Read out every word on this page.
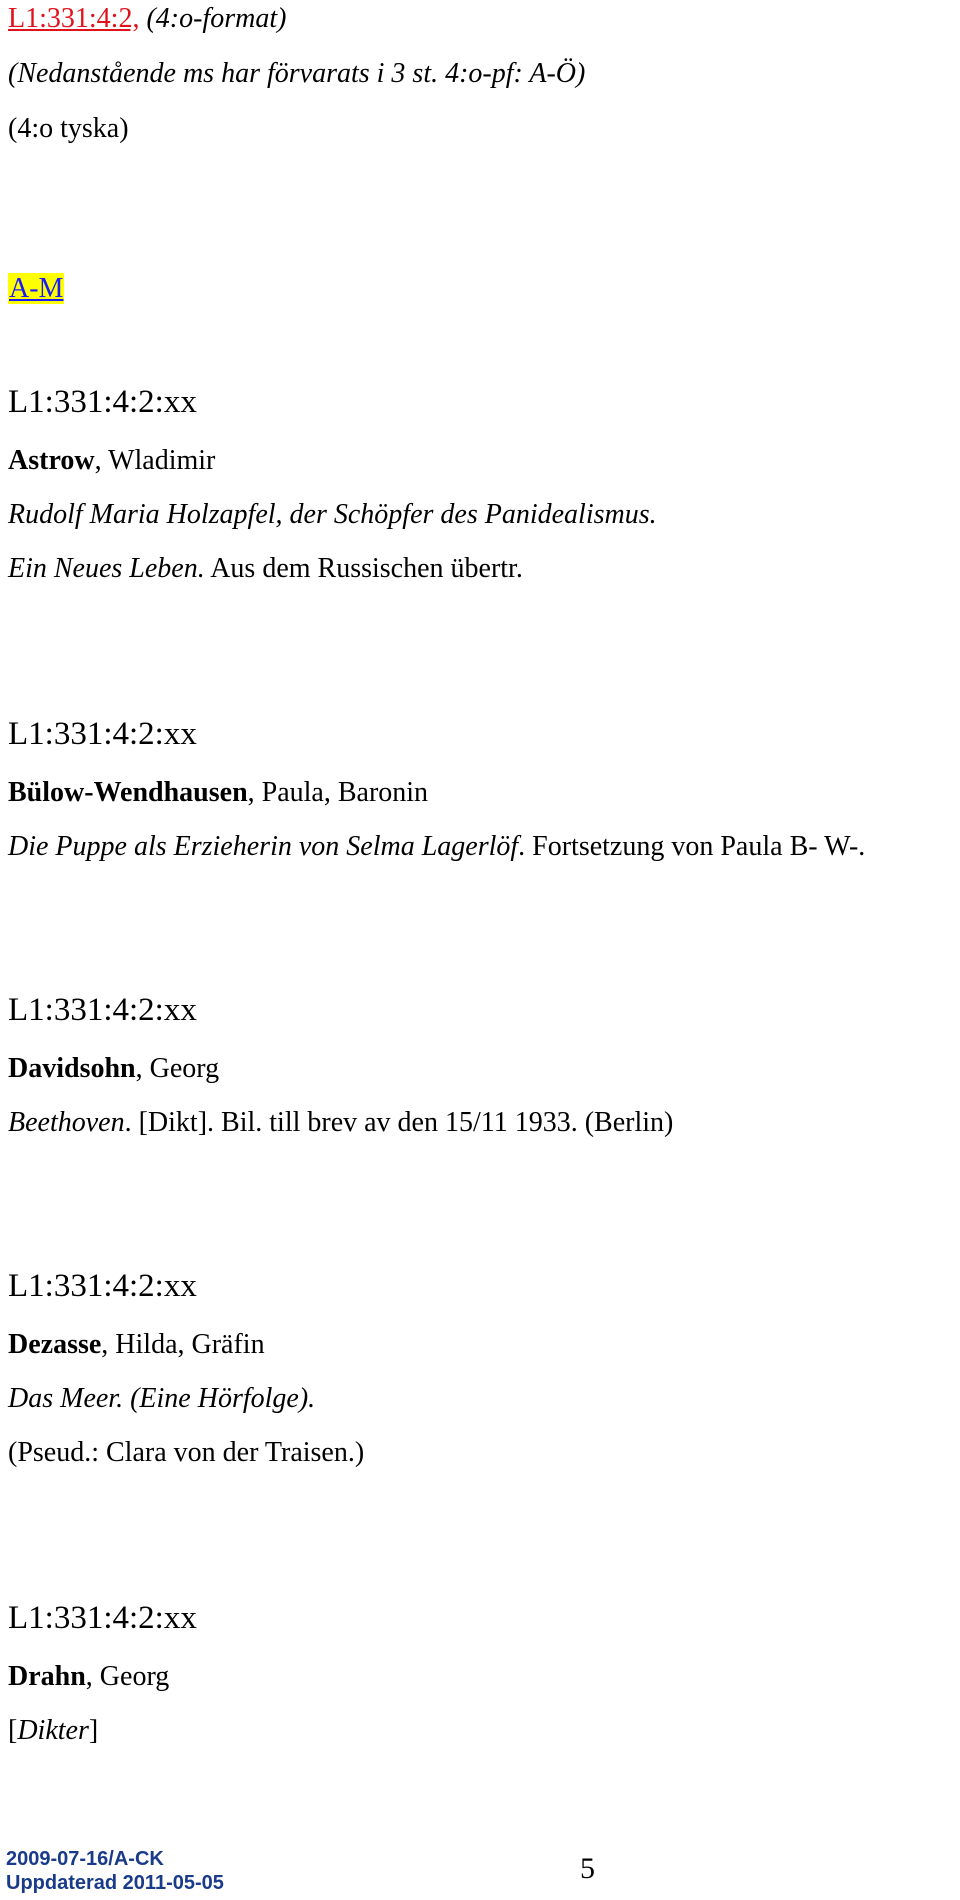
L1:331:4:2, (4:o-format)
(Nedanstående ms har förvarats i 3 st. 4:o-pf: A-Ö)
(4:o tyska)
A-M
L1:331:4:2:xx
Astrow, Wladimir
Rudolf Maria Holzapfel, der Schöpfer des Panidealismus.
Ein Neues Leben. Aus dem Russischen übertr.
L1:331:4:2:xx
Bülow-Wendhausen, Paula, Baronin
Die Puppe als Erzieherin von Selma Lagerlöf. Fortsetzung von Paula B- W-.
L1:331:4:2:xx
Davidsohn, Georg
Beethoven. [Dikt]. Bil. till brev av den 15/11 1933. (Berlin)
L1:331:4:2:xx
Dezasse, Hilda, Gräfin
Das Meer. (Eine Hörfolge).
(Pseud.: Clara von der Traisen.)
L1:331:4:2:xx
Drahn, Georg
[Dikter]
2009-07-16/A-CK
Uppdaterad 2011-05-05	5
